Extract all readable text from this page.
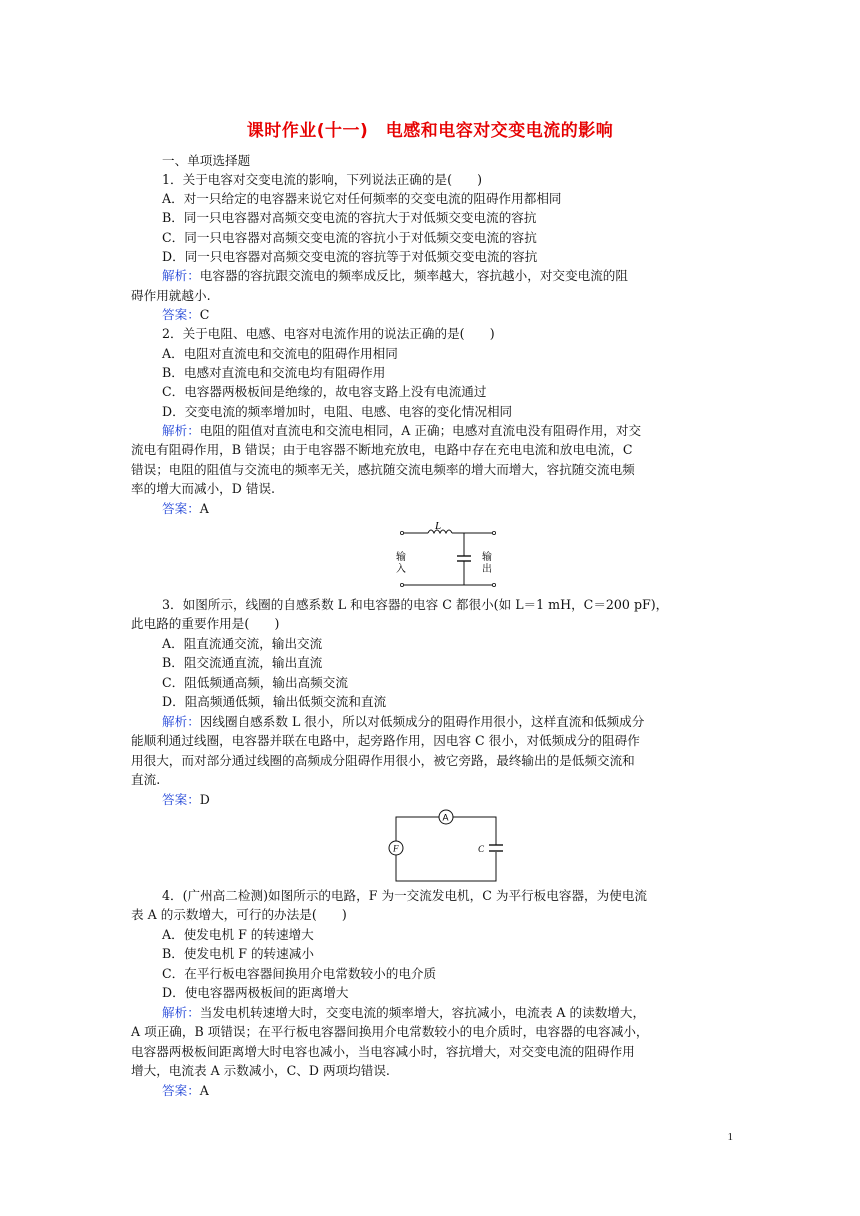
课时作业(十一)　电感和电容对交变电流的影响
一、单项选择题
1．关于电容对交变电流的影响，下列说法正确的是(　　)
A．对一只给定的电容器来说它对任何频率的交变电流的阻碍作用都相同
B．同一只电容器对高频交变电流的容抗大于对低频交变电流的容抗
C．同一只电容器对高频交变电流的容抗小于对低频交变电流的容抗
D．同一只电容器对高频交变电流的容抗等于对低频交变电流的容抗
解析：电容器的容抗跟交流电的频率成反比，频率越大，容抗越小，对交变电流的阻
碍作用就越小.
答案：C
2．关于电阻、电感、电容对电流作用的说法正确的是(　　)
A．电阻对直流电和交流电的阻碍作用相同
B．电感对直流电和交流电均有阻碍作用
C．电容器两极板间是绝缘的，故电容支路上没有电流通过
D．交变电流的频率增加时，电阻、电感、电容的变化情况相同
解析：电阻的阻值对直流电和交流电相同，A 正确；电感对直流电没有阻碍作用，对交
流电有阻碍作用，B 错误；由于电容器不断地充放电，电路中存在充电电流和放电电流，C
错误；电阻的阻值与交流电的频率无关，感抗随交流电频率的增大而增大，容抗随交流电频
率的增大而减小，D 错误.
答案：A
L
输
入
输
出
3．如图所示，线圈的自感系数 L 和电容器的电容 C 都很小(如 L＝1 mH，C＝200 pF)，
此电路的重要作用是(　　)
A．阻直流通交流，输出交流
B．阻交流通直流，输出直流
C．阻低频通高频，输出高频交流
D．阻高频通低频，输出低频交流和直流
解析：因线圈自感系数 L 很小，所以对低频成分的阻碍作用很小，这样直流和低频成分
能顺利通过线圈，电容器并联在电路中，起旁路作用，因电容 C 很小，对低频成分的阻碍作
用很大，而对部分通过线圈的高频成分阻碍作用很小，被它旁路，最终输出的是低频交流和
直流.
答案：D
A
F	C
4．(广州高二检测)如图所示的电路，F 为一交流发电机，C 为平行板电容器，为使电流
表 A 的示数增大，可行的办法是(　　)
A．使发电机 F 的转速增大
B．使发电机 F 的转速减小
C．在平行板电容器间换用介电常数较小的电介质
D．使电容器两极板间的距离增大
解析：当发电机转速增大时，交变电流的频率增大，容抗减小，电流表 A 的读数增大，
A 项正确，B 项错误；在平行板电容器间换用介电常数较小的电介质时，电容器的电容减小，
电容器两极板间距离增大时电容也减小，当电容减小时，容抗增大，对交变电流的阻碍作用
增大，电流表 A 示数减小，C、D 两项均错误.
答案：A
1
